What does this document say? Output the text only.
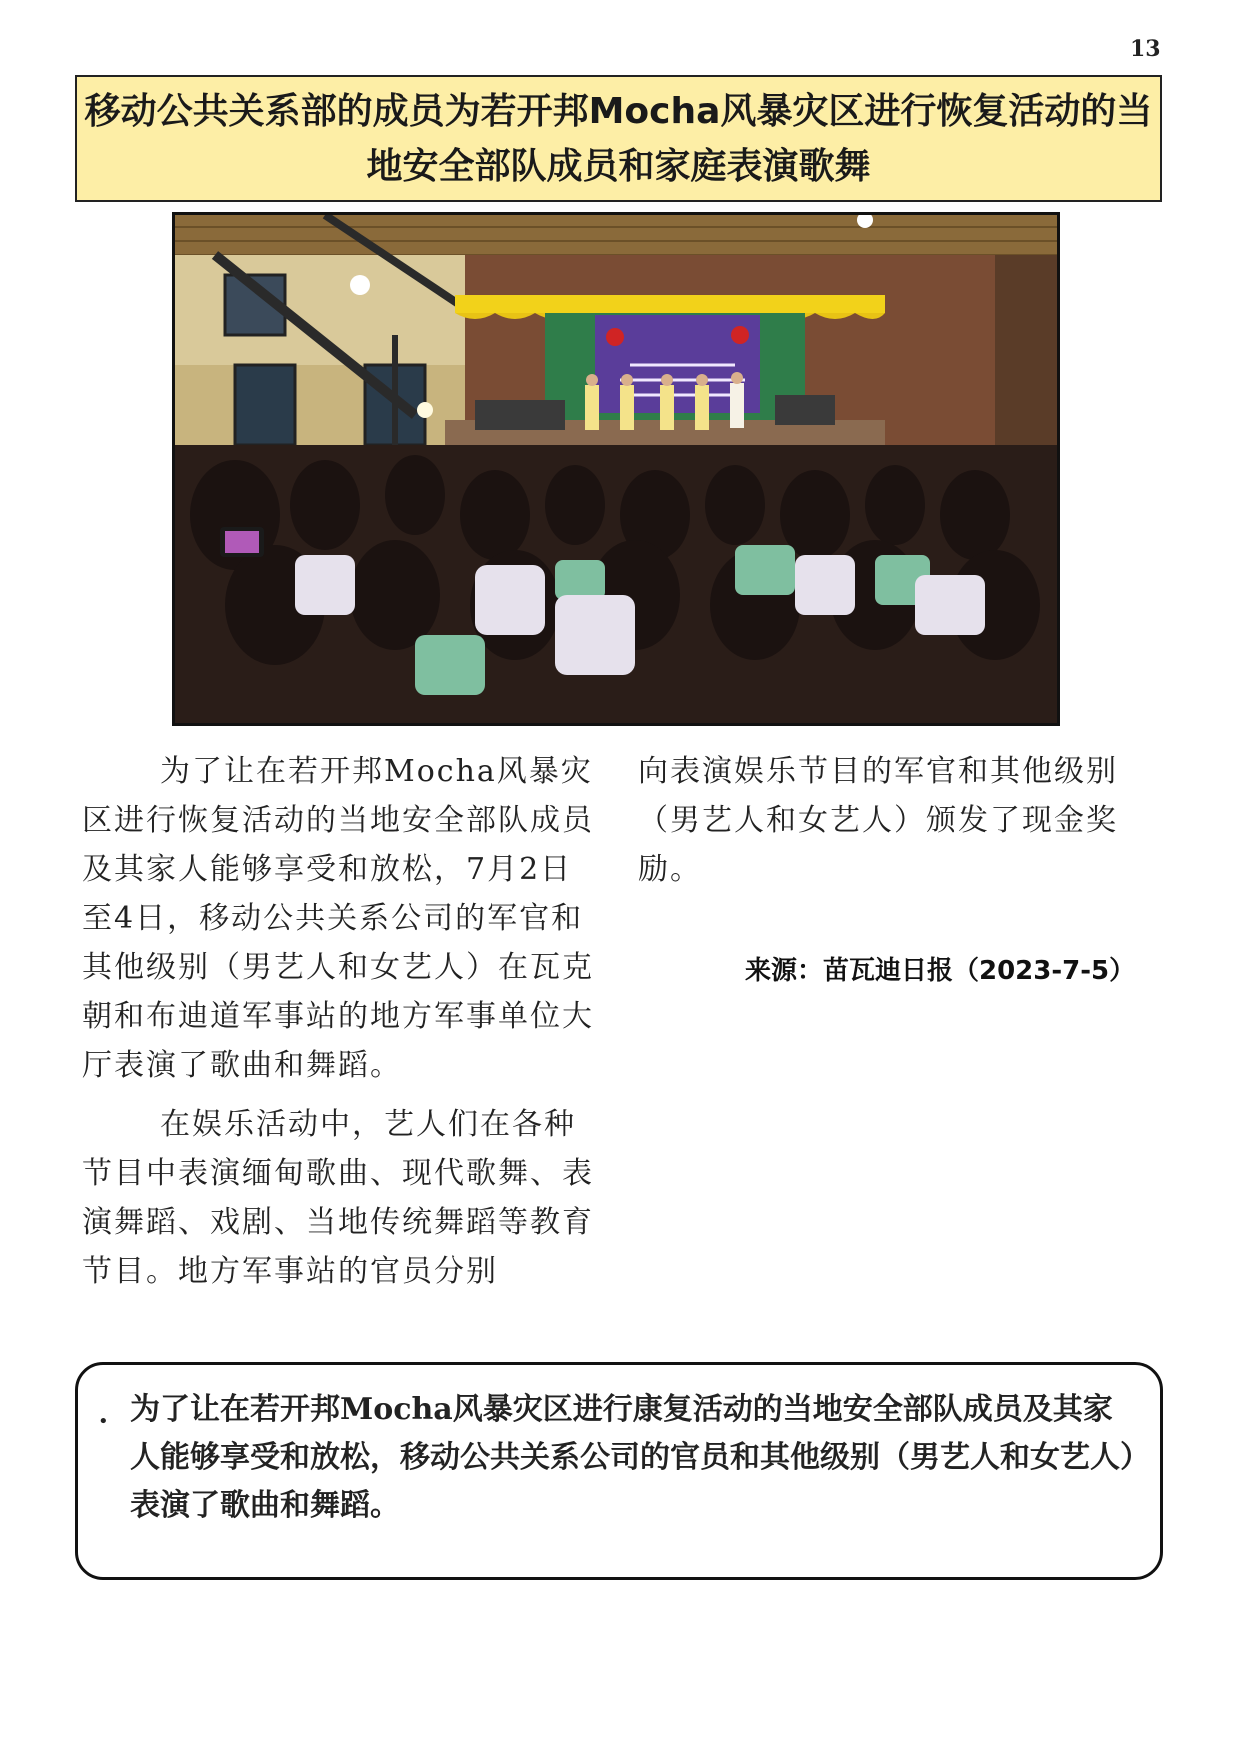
13
移动公共关系部的成员为若开邦Mocha风暴灾区进行恢复活动的当
地安全部队成员和家庭表演歌舞

为了让在若开邦Mocha风暴灾区进行恢复活动的当地安全部队成员及其家人能够享受和放松，7月2日至4日，移动公共关系公司的军官和其他级别（男艺人和女艺人）在瓦克朝和布迪道军事站的地方军事单位大厅表演了歌曲和舞蹈。

在娱乐活动中，艺人们在各种节目中表演缅甸歌曲、现代歌舞、表演舞蹈、戏剧、当地传统舞蹈等教育节目。地方军事站的官员分别

向表演娱乐节目的军官和其他级别（男艺人和女艺人）颁发了现金奖励。

来源：苗瓦迪日报（2023-7-5）
• 为了让在若开邦Mocha风暴灾区进行康复活动的当地安全部队成员及其家人能够享受和放松，移动公共关系公司的官员和其他级别（男艺人和女艺人）表演了歌曲和舞蹈。
